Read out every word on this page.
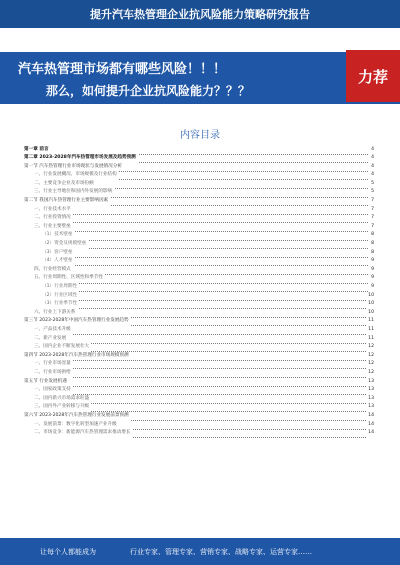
提升汽车热管理企业抗风险能力策略研究报告
汽车热管理市场都有哪些风险！！！
那么，如何提升企业抗风险能力？？？
力荐
内容目录
第一章 前言	4
第二章 2023-2028年汽车热管理市场发展及趋势预测	4
第一节 汽车热管理行业市场现状与发展情况分析	4
一、行业发展概况、市场规模及行业结构	4
二、主要竞争企业及市场份额	5
三、行业主导地位和国内外发展的影响	5
第二节 我国汽车热管理行业主要影响因素	7
一、行业技术水平	7
二、行业投资情况	7
三、行业主要壁垒	7
（1）技术壁垒	8
（2）资金及规模壁垒	8
（3）客户壁垒	8
（4）人才壁垒	9
四、行业经营模式	9
五、行业周期性、区域性和季节性	9
（1）行业周期性	9
（2）行业区域性	10
（3）行业季节性	10
六、行业上下游关系	10
第三节 2023-2028年中国汽车热管理行业发展趋势	11
一、产品技术升级	11
二、新产业发展	11
三、国内企业不断发展壮大	12
第四节 2023-2028年汽车热管理行业市场规模预测	12
一、行业市场容量	12
二、行业市场供给	12
第五节 行业发展机遇	13
一、国家政策支持	13
二、国内新兴市场需求旺盛	13
三、国内外产业转移与升级	13
第六节 2023-2028年汽车热管理行业发展前景预测	14
一、发展前景：数字化转型加速产业升级	14
二、市场竞争：新能源汽车热管理需求推动增长	14
让每个人都能成为	行业专家、管理专家、营销专家、战略专家、运营专家……
